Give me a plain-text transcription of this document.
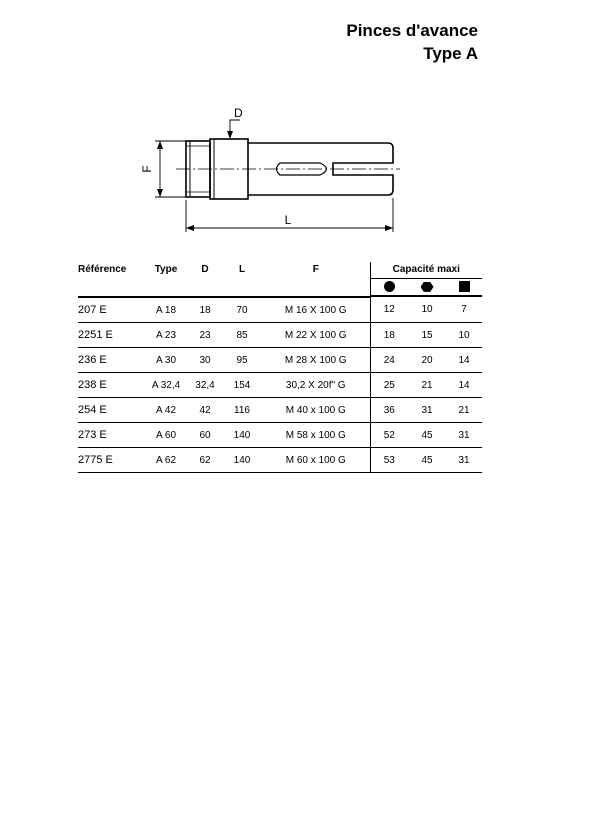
Pinces d'avance
Type A
D
F
L
Référence	Type	D	L	F	Capacité maxi		

207 E	A 18	18	70	M 16 X 100 G	12	10	7
2251 E	A 23	23	85	M 22 X 100 G	18	15	10
236 E	A 30	30	95	M 28 X 100 G	24	20	14
238 E	A 32,4	32,4	154	30,2 X 20f" G	25	21	14
254 E	A 42	42	116	M 40 x 100 G	36	31	21
273 E	A 60	60	140	M 58 x 100 G	52	45	31
2775 E	A 62	62	140	M 60 x 100 G	53	45	31
